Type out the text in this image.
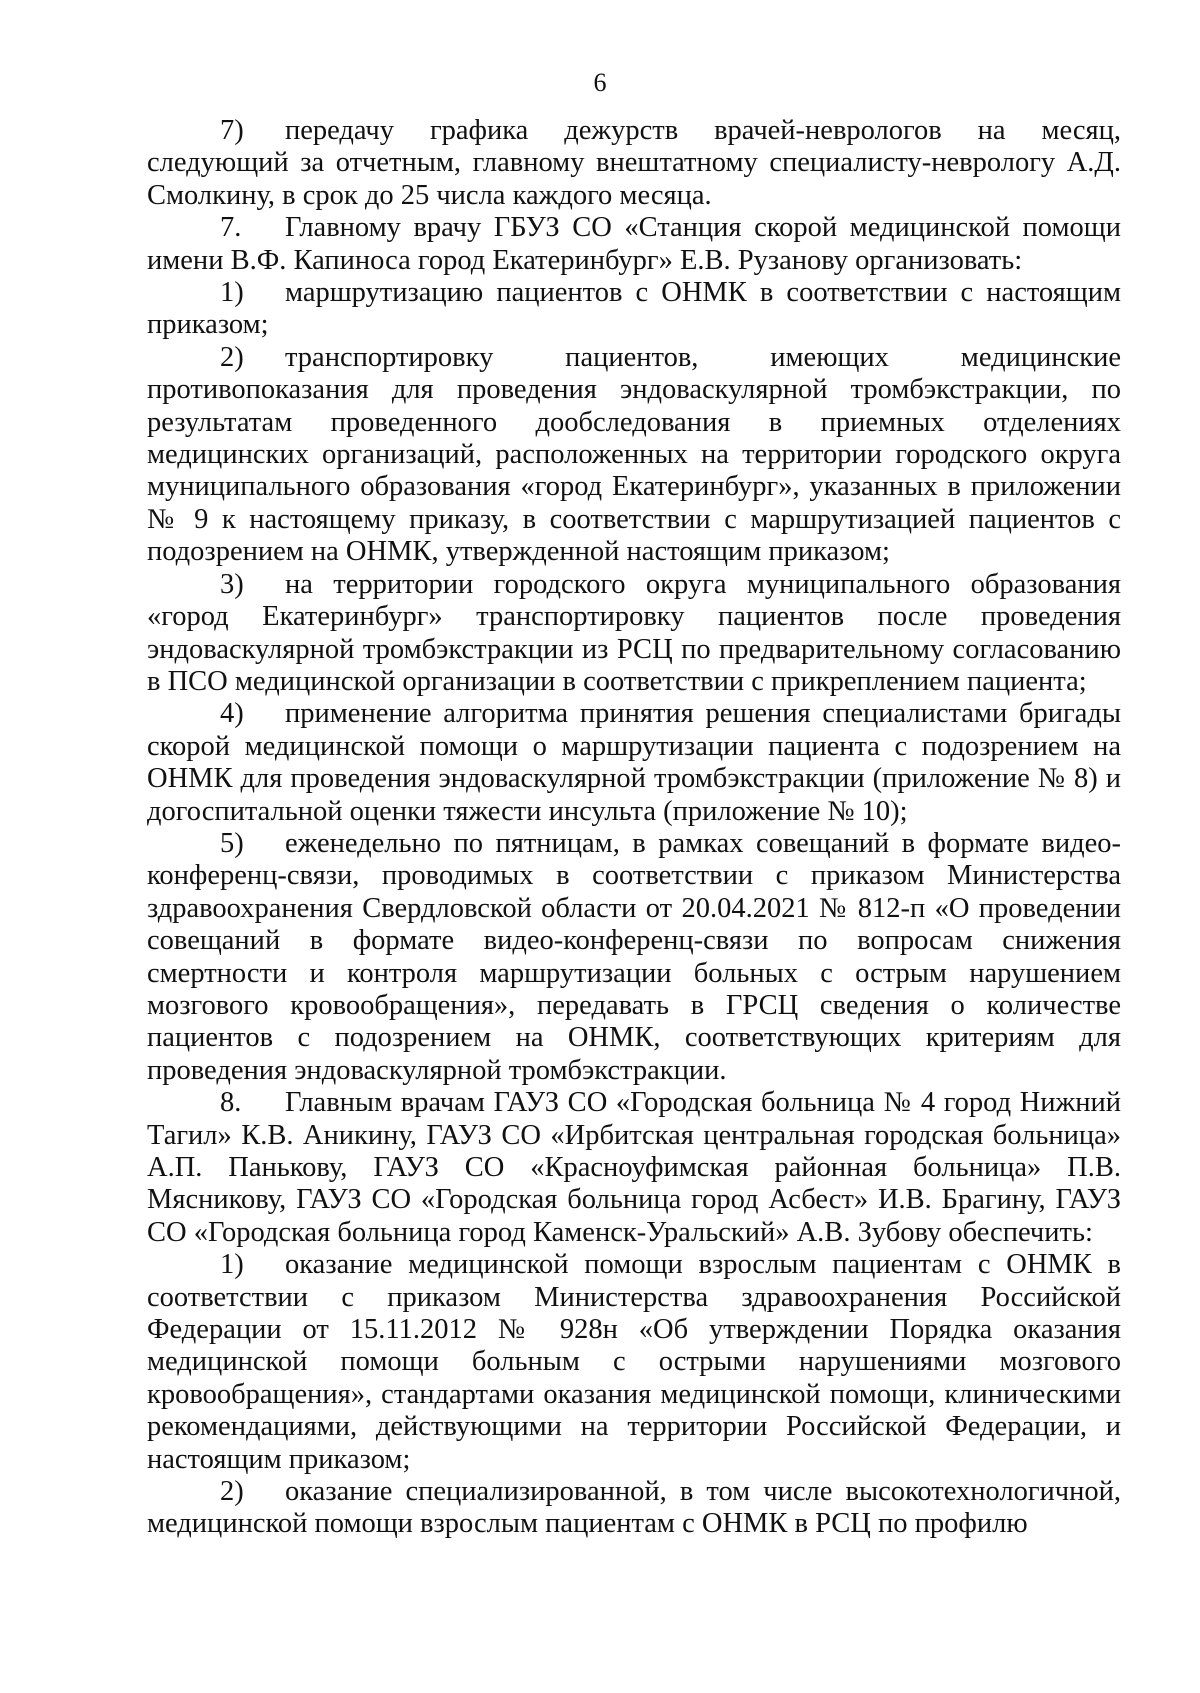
6

7) передачу графика дежурств врачей-неврологов на месяц, следующий за отчетным, главному внештатному специалисту-неврологу А.Д. Смолкину, в срок до 25 числа каждого месяца.

7. Главному врачу ГБУЗ СО «Станция скорой медицинской помощи имени В.Ф. Капиноса город Екатеринбург» Е.В. Рузанову организовать:

1) маршрутизацию пациентов с ОНМК в соответствии с настоящим приказом;

2) транспортировку пациентов, имеющих медицинские противопоказания для проведения эндоваскулярной тромбэкстракции, по результатам проведенного дообследования в приемных отделениях медицинских организаций, расположенных на территории городского округа муниципального образования «город Екатеринбург», указанных в приложении № 9 к настоящему приказу, в соответствии с маршрутизацией пациентов с подозрением на ОНМК, утвержденной настоящим приказом;

3) на территории городского округа муниципального образования «город Екатеринбург» транспортировку пациентов после проведения эндоваскулярной тромбэкстракции из РСЦ по предварительному согласованию в ПСО медицинской организации в соответствии с прикреплением пациента;

4) применение алгоритма принятия решения специалистами бригады скорой медицинской помощи о маршрутизации пациента с подозрением на ОНМК для проведения эндоваскулярной тромбэкстракции (приложение № 8) и догоспитальной оценки тяжести инсульта (приложение № 10);

5) еженедельно по пятницам, в рамках совещаний в формате видео-конференц-связи, проводимых в соответствии с приказом Министерства здравоохранения Свердловской области от 20.04.2021 № 812-п «О проведении совещаний в формате видео-конференц-связи по вопросам снижения смертности и контроля маршрутизации больных с острым нарушением мозгового кровообращения», передавать в ГРСЦ сведения о количестве пациентов с подозрением на ОНМК, соответствующих критериям для проведения эндоваскулярной тромбэкстракции.

8. Главным врачам ГАУЗ СО «Городская больница № 4 город Нижний Тагил» К.В. Аникину, ГАУЗ СО «Ирбитская центральная городская больница» А.П. Панькову, ГАУЗ СО «Красноуфимская районная больница» П.В. Мясникову, ГАУЗ СО «Городская больница город Асбест» И.В. Брагину, ГАУЗ СО «Городская больница город Каменск-Уральский» А.В. Зубову обеспечить:

1) оказание медицинской помощи взрослым пациентам с ОНМК в соответствии с приказом Министерства здравоохранения Российской Федерации от 15.11.2012 № 928н «Об утверждении Порядка оказания медицинской помощи больным с острыми нарушениями мозгового кровообращения», стандартами оказания медицинской помощи, клиническими рекомендациями, действующими на территории Российской Федерации, и настоящим приказом;

2) оказание специализированной, в том числе высокотехнологичной, медицинской помощи взрослым пациентам с ОНМК в РСЦ по профилю
